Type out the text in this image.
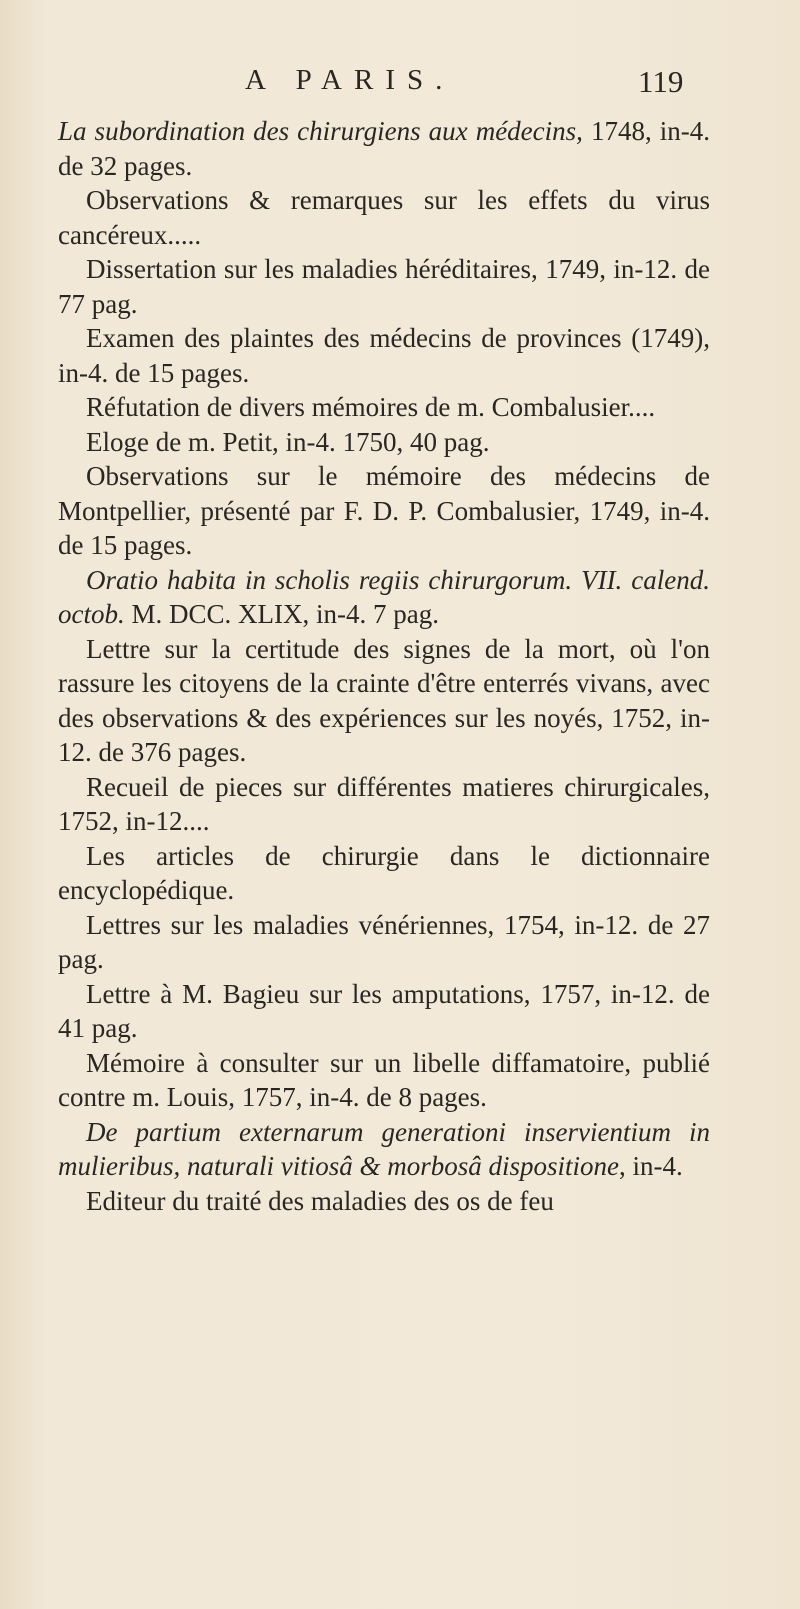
A PARIS.	119

La subordination des chirurgiens aux médecins, 1748, in-4. de 32 pages.

Observations & remarques sur les effets du virus cancéreux.....

Dissertation sur les maladies héréditaires, 1749, in-12. de 77 pag.

Examen des plaintes des médecins de provinces (1749), in-4. de 15 pages.

Réfutation de divers mémoires de m. Combalusier....

Eloge de m. Petit, in-4. 1750, 40 pag.

Observations sur le mémoire des médecins de Montpellier, présenté par F. D. P. Combalusier, 1749, in-4. de 15 pages.

Oratio habita in scholis regiis chirurgorum. VII. calend. octob. M. DCC. XLIX, in-4. 7 pag.

Lettre sur la certitude des signes de la mort, où l'on rassure les citoyens de la crainte d'être enterrés vivans, avec des observations & des expériences sur les noyés, 1752, in-12. de 376 pages.

Recueil de pieces sur différentes matieres chirurgicales, 1752, in-12....

Les articles de chirurgie dans le dictionnaire encyclopédique.

Lettres sur les maladies vénériennes, 1754, in-12. de 27 pag.

Lettre à M. Bagieu sur les amputations, 1757, in-12. de 41 pag.

Mémoire à consulter sur un libelle diffamatoire, publié contre m. Louis, 1757, in-4. de 8 pages.

De partium externarum generationi inservientium in mulieribus, naturali vitiosâ & morbosâ dispositione, in-4.

Editeur du traité des maladies des os de feu
